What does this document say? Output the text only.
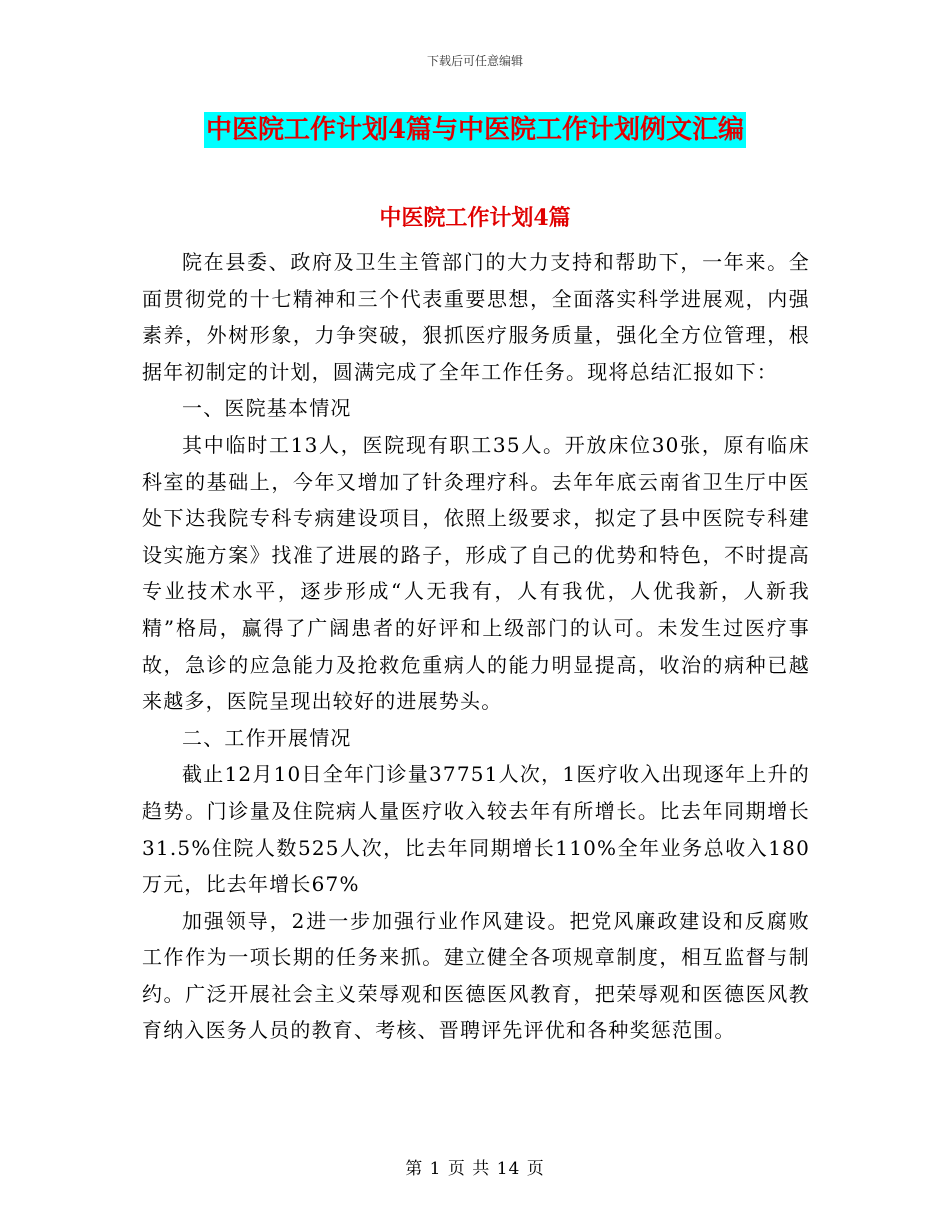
下载后可任意编辑
中医院工作计划4篇与中医院工作计划例文汇编
中医院工作计划4篇

院在县委、政府及卫生主管部门的大力支持和帮助下，一年来。全面贯彻党的十七精神和三个代表重要思想，全面落实科学进展观，内强素养，外树形象，力争突破，狠抓医疗服务质量，强化全方位管理，根据年初制定的计划，圆满完成了全年工作任务。现将总结汇报如下：

一、医院基本情况

其中临时工13人，医院现有职工35人。开放床位30张，原有临床科室的基础上，今年又增加了针灸理疗科。去年年底云南省卫生厅中医处下达我院专科专病建设项目，依照上级要求，拟定了县中医院专科建设实施方案》找准了进展的路子，形成了自己的优势和特色，不时提高专业技术水平，逐步形成“人无我有，人有我优，人优我新，人新我精”格局，赢得了广阔患者的好评和上级部门的认可。未发生过医疗事故，急诊的应急能力及抢救危重病人的能力明显提高，收治的病种已越来越多，医院呈现出较好的进展势头。

二、工作开展情况

截止12月10日全年门诊量37751人次，1医疗收入出现逐年上升的趋势。门诊量及住院病人量医疗收入较去年有所增长。比去年同期增长31.5%住院人数525人次，比去年同期增长110%全年业务总收入180万元，比去年增长67%

加强领导，2进一步加强行业作风建设。把党风廉政建设和反腐败工作作为一项长期的任务来抓。建立健全各项规章制度，相互监督与制约。广泛开展社会主义荣辱观和医德医风教育，把荣辱观和医德医风教育纳入医务人员的教育、考核、晋聘评先评优和各种奖惩范围。

第 1 页 共 14 页
